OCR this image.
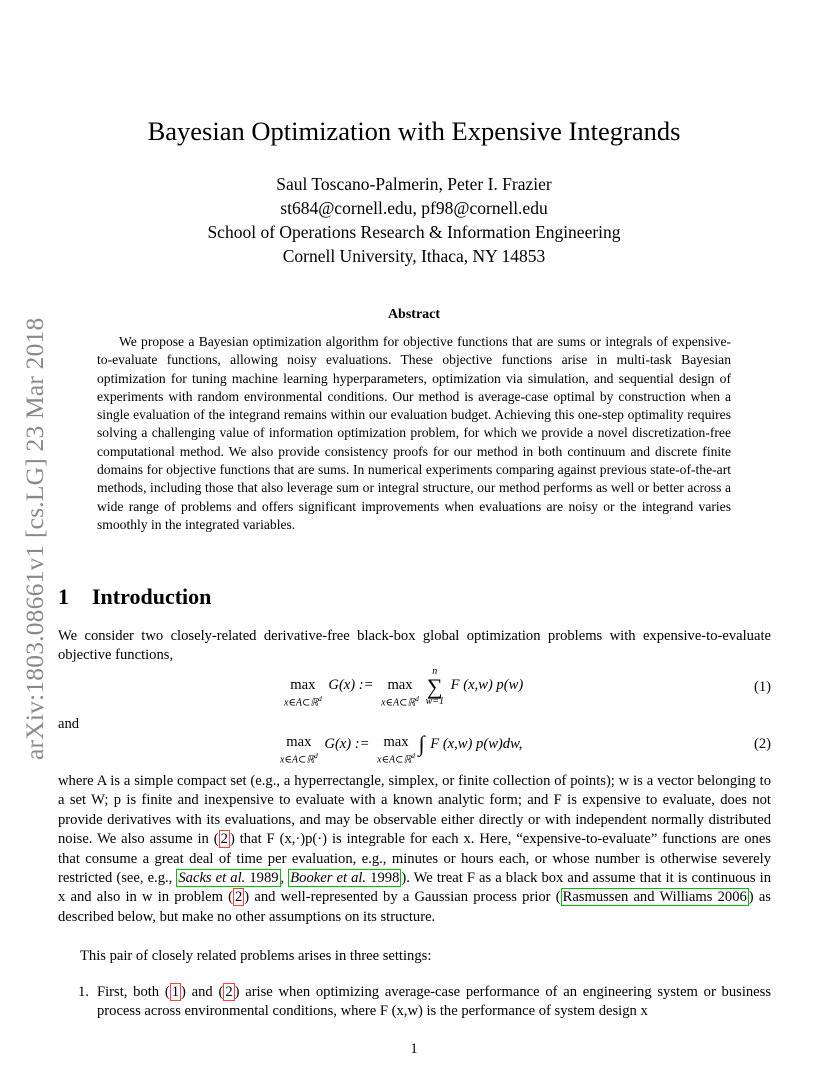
arXiv:1803.08661v1 [cs.LG] 23 Mar 2018
Bayesian Optimization with Expensive Integrands
Saul Toscano-Palmerin, Peter I. Frazier
st684@cornell.edu, pf98@cornell.edu
School of Operations Research & Information Engineering
Cornell University, Ithaca, NY 14853
Abstract

We propose a Bayesian optimization algorithm for objective functions that are sums or integrals of expensive-to-evaluate functions, allowing noisy evaluations. These objective functions arise in multi-task Bayesian optimization for tuning machine learning hyperparameters, optimization via simulation, and sequential design of experiments with random environmental conditions. Our method is average-case optimal by construction when a single evaluation of the integrand remains within our evaluation budget. Achieving this one-step optimality requires solving a challenging value of information optimization problem, for which we provide a novel discretization-free computational method. We also provide consistency proofs for our method in both continuum and discrete finite domains for objective functions that are sums. In numerical experiments comparing against previous state-of-the-art methods, including those that also leverage sum or integral structure, our method performs as well or better across a wide range of problems and offers significant improvements when evaluations are noisy or the integrand varies smoothly in the integrated variables.

1 Introduction

We consider two closely-related derivative-free black-box global optimization problems with expensive-to-evaluate objective functions,

max
x∈A⊂ℝ$^d$
G(x) := max
x∈A⊂ℝ$^d$

n
∑
w=1
F (x,w) p(w)	(1)

and

max
x∈A⊂ℝ$^d$
G(x) := max
x∈A⊂ℝ$^d$ ∫ F (x,w) p(w)dw,	(2)

where A is a simple compact set (e.g., a hyperrectangle, simplex, or finite collection of points); w is a vector belonging to a set W; p is finite and inexpensive to evaluate with a known analytic form; and F is expensive to evaluate, does not provide derivatives with its evaluations, and may be observable either directly or with independent normally distributed noise. We also assume in ( 2 ) that F (x,·)p(·) is integrable for each x. Here, “expensive-to-evaluate” functions are ones that consume a great deal of time per evaluation, e.g., minutes or hours each, or whose number is otherwise severely restricted (see, e.g., Sacks et al. 1989 , Booker et al. 1998 ). We treat F as a black box and assume that it is continuous in x and also in w in problem ( 2 ) and well-represented by a Gaussian process prior ( Rasmussen and Williams 2006 ) as described below, but make no other assumptions on its structure.

This pair of closely related problems arises in three settings:

1. First, both ( 1 ) and ( 2 ) arise when optimizing average-case performance of an engineering system or business process across environmental conditions, where F (x,w) is the performance of system design x
1
